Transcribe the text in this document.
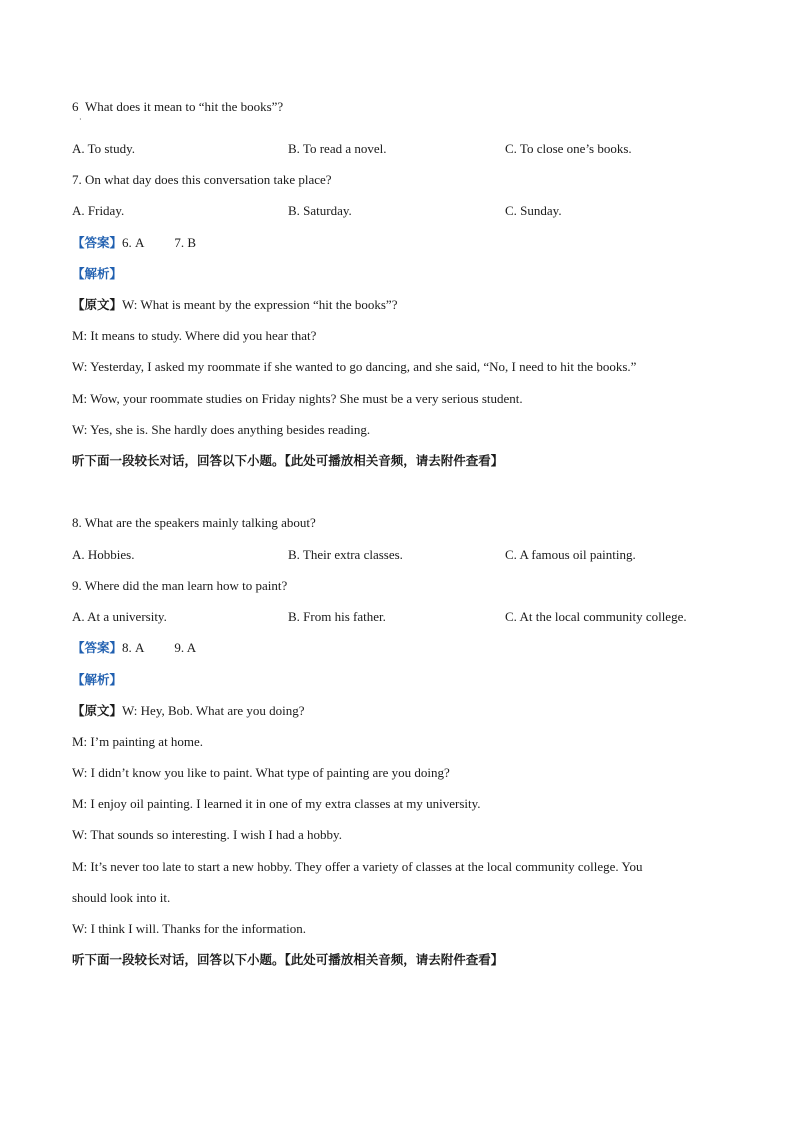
6 What does it mean to “hit the books”?
·
A. To study.	B. To read a novel.	C. To close one’s books.
7. On what day does this conversation take place?
A. Friday.	B. Saturday.	C. Sunday.
【答案】6. A 7. B
【解析】
【原文】W: What is meant by the expression “hit the books”?
M: It means to study. Where did you hear that?
W: Yesterday, I asked my roommate if she wanted to go dancing, and she said, “No, I need to hit the books.”
M: Wow, your roommate studies on Friday nights? She must be a very serious student.
W: Yes, she is. She hardly does anything besides reading.
听下面一段较长对话，回答以下小题。【此处可播放相关音频，请去附件查看】
8. What are the speakers mainly talking about?
A. Hobbies.	B. Their extra classes.	C. A famous oil painting.
9. Where did the man learn how to paint?
A. At a university.	B. From his father.	C. At the local community college.
【答案】8. A 9. A
【解析】
【原文】W: Hey, Bob. What are you doing?
M: I’m painting at home.
W: I didn’t know you like to paint. What type of painting are you doing?
M: I enjoy oil painting. I learned it in one of my extra classes at my university.
W: That sounds so interesting. I wish I had a hobby.
M: It’s never too late to start a new hobby. They offer a variety of classes at the local community college. You
should look into it.
W: I think I will. Thanks for the information.
听下面一段较长对话，回答以下小题。【此处可播放相关音频，请去附件查看】
